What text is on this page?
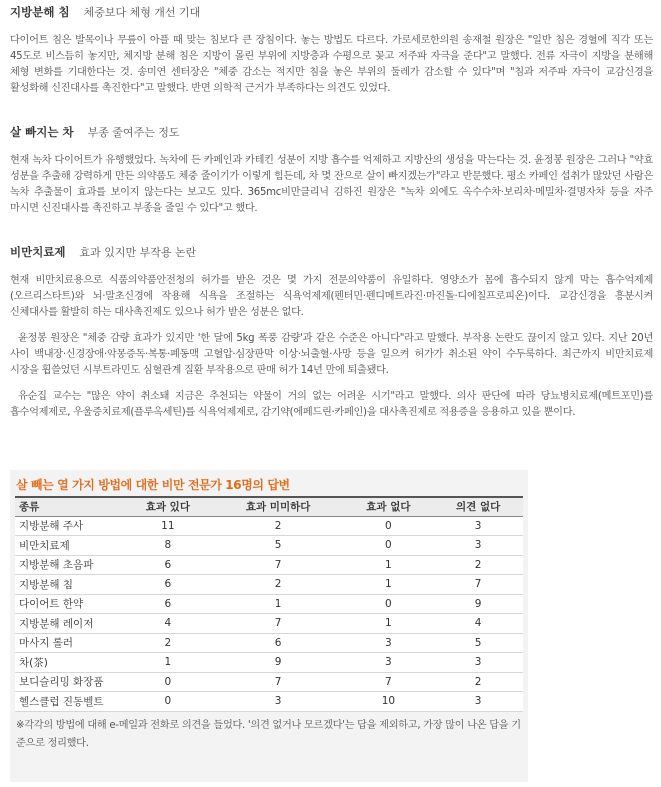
지방분해 침 체중보다 체형 개선 기대

다이어트 침은 발목이나 무릎이 아플 때 맞는 침보다 큰 장침이다. 놓는 방법도 다르다. 가로세로한의원 송재철 원장은 "일반 침은 경혈에 직각 또는 45도로 비스듬히 놓지만, 체지방 분해 침은 지방이 몰린 부위에 지방층과 수평으로 꽂고 저주파 자극을 준다"고 말했다. 전류 자극이 지방을 분해해 체형 변화를 기대한다는 것. 송미연 센터장은 "체중 감소는 적지만 침을 놓은 부위의 둘레가 감소할 수 있다"며 "침과 저주파 자극이 교감신경을 활성화해 신진대사를 촉진한다"고 말했다. 반면 의학적 근거가 부족하다는 의견도 있었다.

살 빠지는 차 부종 줄여주는 정도

현재 녹차 다이어트가 유행했었다. 녹차에 든 카페인과 카테킨 성분이 지방 흡수를 억제하고 지방산의 생성을 막는다는 것. 윤정봉 원장은 그러나 "약효 성분을 추출해 강력하게 만든 의약품도 체중 줄이기가 이렇게 힘든데, 차 몇 잔으로 살이 빠지겠는가"라고 반문했다. 평소 카페인 섭취가 많았던 사람은 녹차 추출물이 효과를 보이지 않는다는 보고도 있다. 365mc비만클리닉 김하진 원장은 "녹차 외에도 옥수수차·보리차·메밀차·결명자차 등을 자주 마시면 신진대사를 촉진하고 부종을 줄일 수 있다"고 했다.

비만치료제 효과 있지만 부작용 논란

현재 비만치료용으로 식품의약품안전청의 허가를 받은 것은 몇 가지 전문의약품이 유일하다. 영양소가 몸에 흡수되지 않게 막는 흡수억제제(오르리스타트)와 뇌·말초신경에 작용해 식욕을 조절하는 식욕억제제(펜터민·펜디메트라진·마진돌·디에칠프로피온)이다. 교감신경을 흥분시켜 신체대사를 활발히 하는 대사촉진제도 있으나 허가 받은 성분은 없다.

윤정봉 원장은 "체중 감량 효과가 있지만 '한 달에 5kg 폭풍 감량'과 같은 수준은 아니다"라고 말했다. 부작용 논란도 끊이지 않고 있다. 지난 20년 사이 백내장·신경장애·악몽증독·복통·폐동맥 고혈압·심장판막 이상·뇌출혈·사망 등을 일으켜 허가가 취소된 약이 수두룩하다. 최근까지 비만치료제 시장을 휩쓸었던 시부트라민도 심혈관계 질환 부작용으로 판매 허가 14년 만에 퇴출됐다.

유순집 교수는 "많은 약이 취소돼 지금은 추천되는 약물이 거의 없는 어려운 시기"라고 말했다. 의사 판단에 따라 당뇨병치료제(메트포민)를 흡수억제제로, 우울증치료제(플루옥세틴)를 식욕억제제로, 감기약(에페드린·카페인)을 대사촉진제로 적용증을 응용하고 있을 뿐이다.

살 빼는 열 가지 방법에 대한 비만 전문가 16명의 답변
종류	효과 있다	효과 미미하다	효과 없다	의견 없다
지방분해 주사	11	2	0	3
비만치료제	8	5	0	3
지방분해 초음파	6	7	1	2
지방분해 침	6	2	1	7
다이어트 한약	6	1	0	9
지방분해 레이저	4	7	1	4
마사지 롤러	2	6	3	5
차(茶)	1	9	3	3
보디슬리밍 화장품	0	7	7	2
헬스클럽 진동벨트	0	3	10	3

※각각의 방법에 대해 e-메일과 전화로 의견을 들었다. '의견 없거나 모르겠다'는 답을 제외하고, 가장 많이 나온 답을 기준으로 정리했다.
